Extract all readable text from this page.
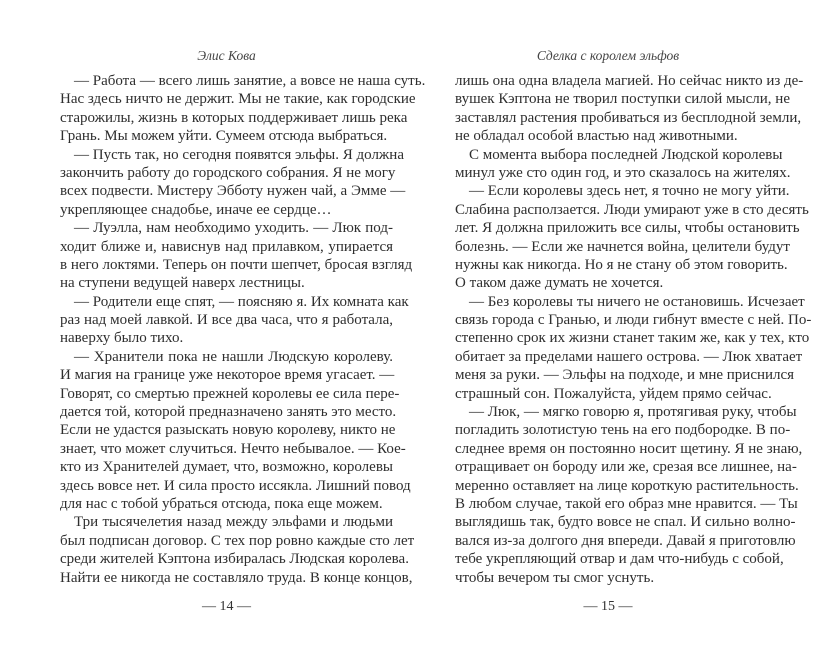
Элис Кова
— Работа — всего лишь занятие, а вовсе не наша суть.
Нас здесь ничто не держит. Мы не такие, как городские
старожилы, жизнь в которых поддерживает лишь река
Грань. Мы можем уйти. Сумеем отсюда выбраться.
— Пусть так, но сегодня появятся эльфы. Я должна
закончить работу до городского собрания. Я не могу
всех подвести. Мистеру Эбботу нужен чай, а Эмме —
укрепляющее снадобье, иначе ее сердце…
— Луэлла, нам необходимо уходить. — Люк под-
ходит ближе и, нависнув над прилавком, упирается
в него локтями. Теперь он почти шепчет, бросая взгляд
на ступени ведущей наверх лестницы.
— Родители еще спят, — поясняю я. Их комната как
раз над моей лавкой. И все два часа, что я работала,
наверху было тихо.
— Хранители пока не нашли Людскую королеву.
И магия на границе уже некоторое время угасает. —
Говорят, со смертью прежней королевы ее сила пере-
дается той, которой предназначено занять это место.
Если не удастся разыскать новую королеву, никто не
знает, что может случиться. Нечто небывалое. — Кое-
кто из Хранителей думает, что, возможно, королевы
здесь вовсе нет. И сила просто иссякла. Лишний повод
для нас с тобой убраться отсюда, пока еще можем.
Три тысячелетия назад между эльфами и людьми
был подписан договор. С тех пор ровно каждые сто лет
среди жителей Кэптона избиралась Людская королева.
Найти ее никогда не составляло труда. В конце концов,
— 14 —
Сделка с королем эльфов
лишь она одна владела магией. Но сейчас никто из де-
вушек Кэптона не творил поступки силой мысли, не
заставлял растения пробиваться из бесплодной земли,
не обладал особой властью над животными.
С момента выбора последней Людской королевы
минул уже сто один год, и это сказалось на жителях.
— Если королевы здесь нет, я точно не могу уйти.
Слабина расползается. Люди умирают уже в сто десять
лет. Я должна приложить все силы, чтобы остановить
болезнь. — Если же начнется война, целители будут
нужны как никогда. Но я не стану об этом говорить.
О таком даже думать не хочется.
— Без королевы ты ничего не остановишь. Исчезает
связь города с Гранью, и люди гибнут вместе с ней. По-
степенно срок их жизни станет таким же, как у тех, кто
обитает за пределами нашего острова. — Люк хватает
меня за руки. — Эльфы на подходе, и мне приснился
страшный сон. Пожалуйста, уйдем прямо сейчас.
— Люк, — мягко говорю я, протягивая руку, чтобы
погладить золотистую тень на его подбородке. В по-
следнее время он постоянно носит щетину. Я не знаю,
отращивает он бороду или же, срезая все лишнее, на-
меренно оставляет на лице короткую растительность.
В любом случае, такой его образ мне нравится. — Ты
выглядишь так, будто вовсе не спал. И сильно волно-
вался из-за долгого дня впереди. Давай я приготовлю
тебе укрепляющий отвар и дам что-нибудь с собой,
чтобы вечером ты смог уснуть.
— 15 —
